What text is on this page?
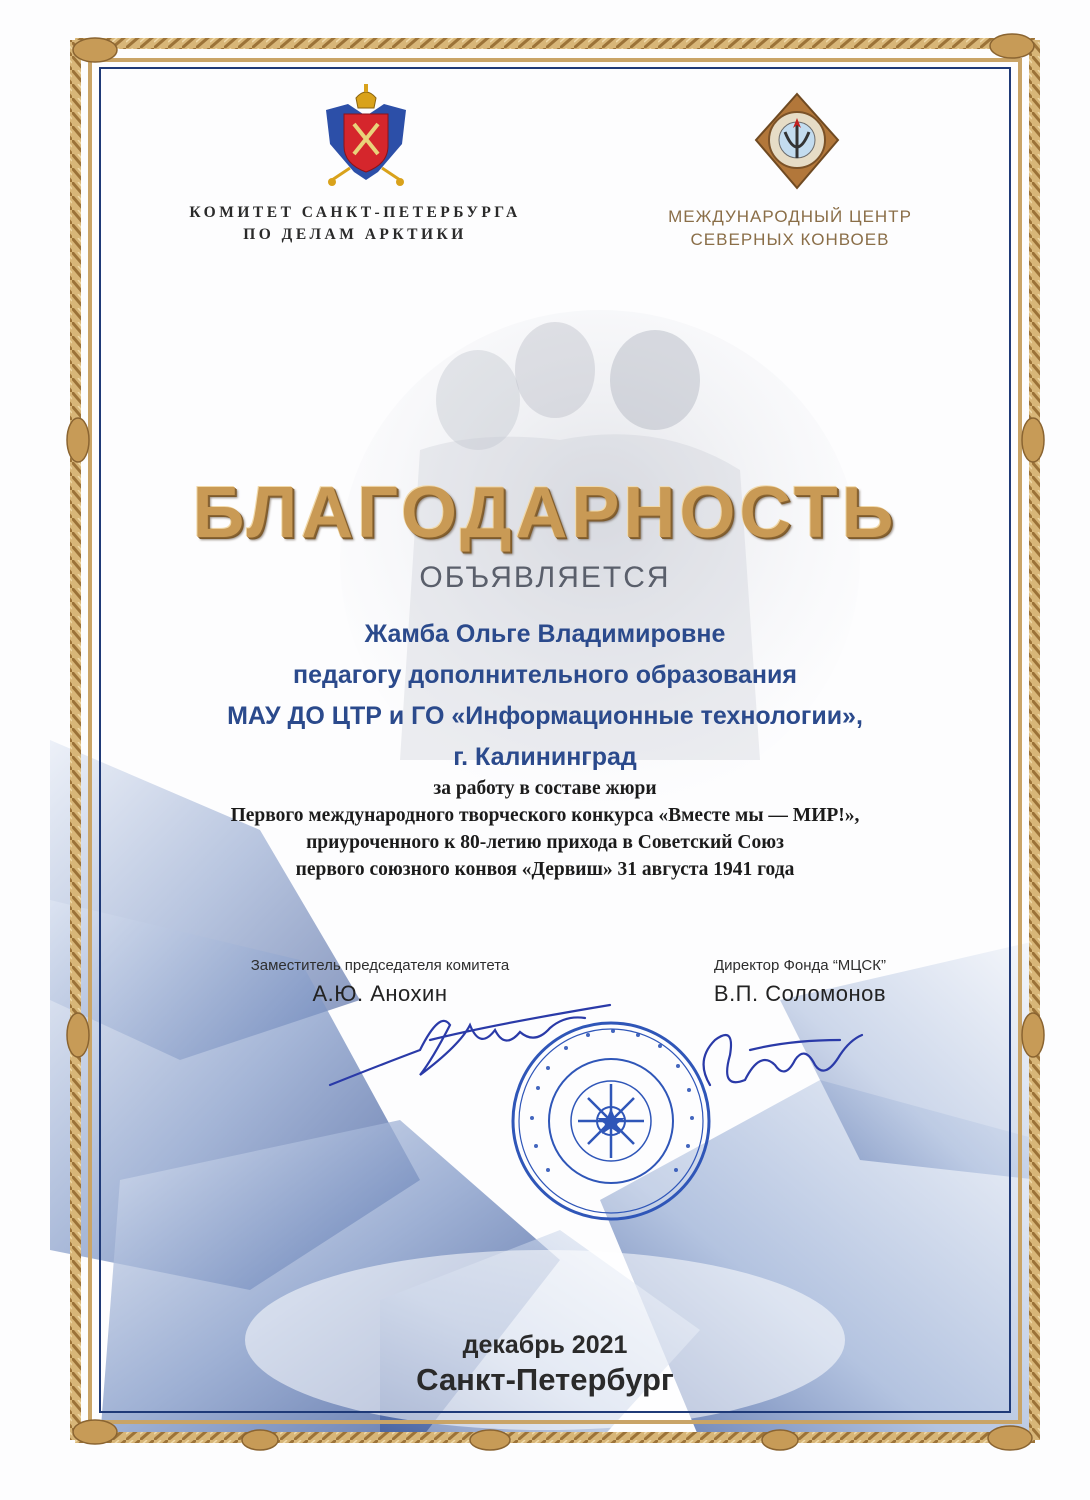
КОМИТЕТ САНКТ-ПЕТЕРБУРГА
ПО ДЕЛАМ АРКТИКИ
МЕЖДУНАРОДНЫЙ ЦЕНТР
СЕВЕРНЫХ КОНВОЕВ
БЛАГОДАРНОСТЬ
ОБЪЯВЛЯЕТСЯ
Жамба Ольге Владимировне
педагогу дополнительного образования
МАУ ДО ЦТР и ГО «Информационные технологии»,
г. Калининград
за работу в составе жюри
Первого международного творческого конкурса «Вместе мы — МИР!»,
приуроченного к 80-летию прихода в Советский Союз
первого союзного конвоя «Дервиш» 31 августа 1941 года
Заместитель председателя комитета
А.Ю. Анохин
Директор Фонда “МЦСК”
В.П. Соломонов
декабрь 2021
Санкт-Петербург
